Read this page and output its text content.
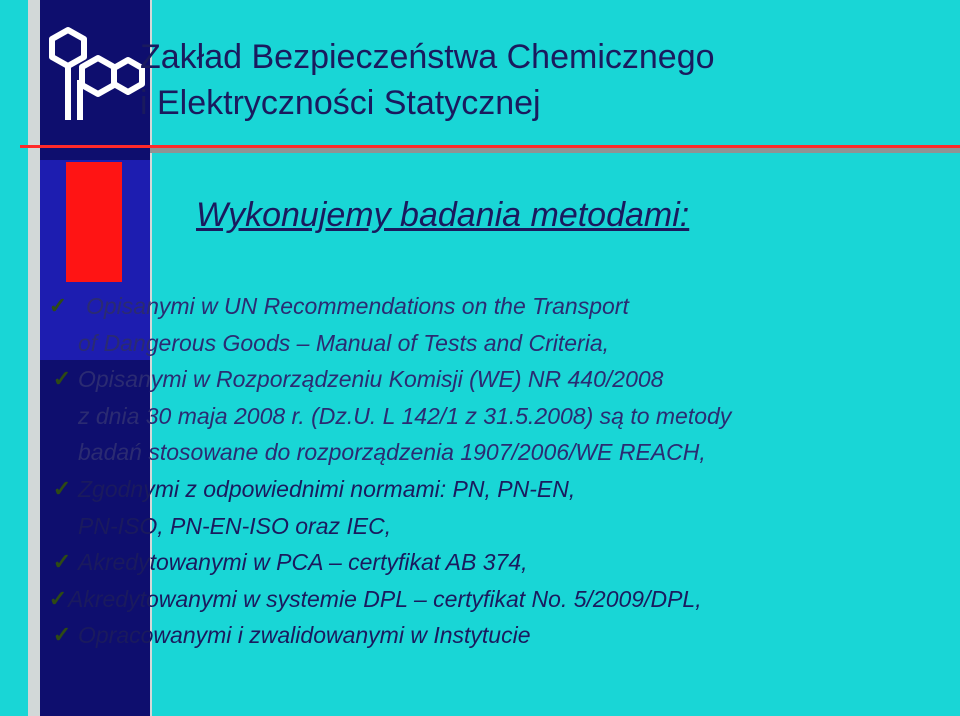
Zakład Bezpieczeństwa Chemicznego
i Elektryczności Statycznej
Wykonujemy badania metodami:
✓ Opisanymi w UN Recommendations on the Transport
of Dangerous Goods – Manual of Tests and Criteria,
✓ Opisanymi w Rozporządzeniu Komisji (WE) NR 440/2008
z dnia 30 maja 2008 r. (Dz.U. L 142/1 z 31.5.2008) są to metody
badań stosowane do rozporządzenia 1907/2006/WE REACH,
✓ Zgodnymi z odpowiednimi normami: PN, PN-EN,
PN-ISO, PN-EN-ISO oraz IEC,
✓ Akredytowanymi w PCA – certyfikat AB 374,
✓ Akredytowanymi w systemie DPL – certyfikat No. 5/2009/DPL,
✓ Opracowanymi i zwalidowanymi w Instytucie
